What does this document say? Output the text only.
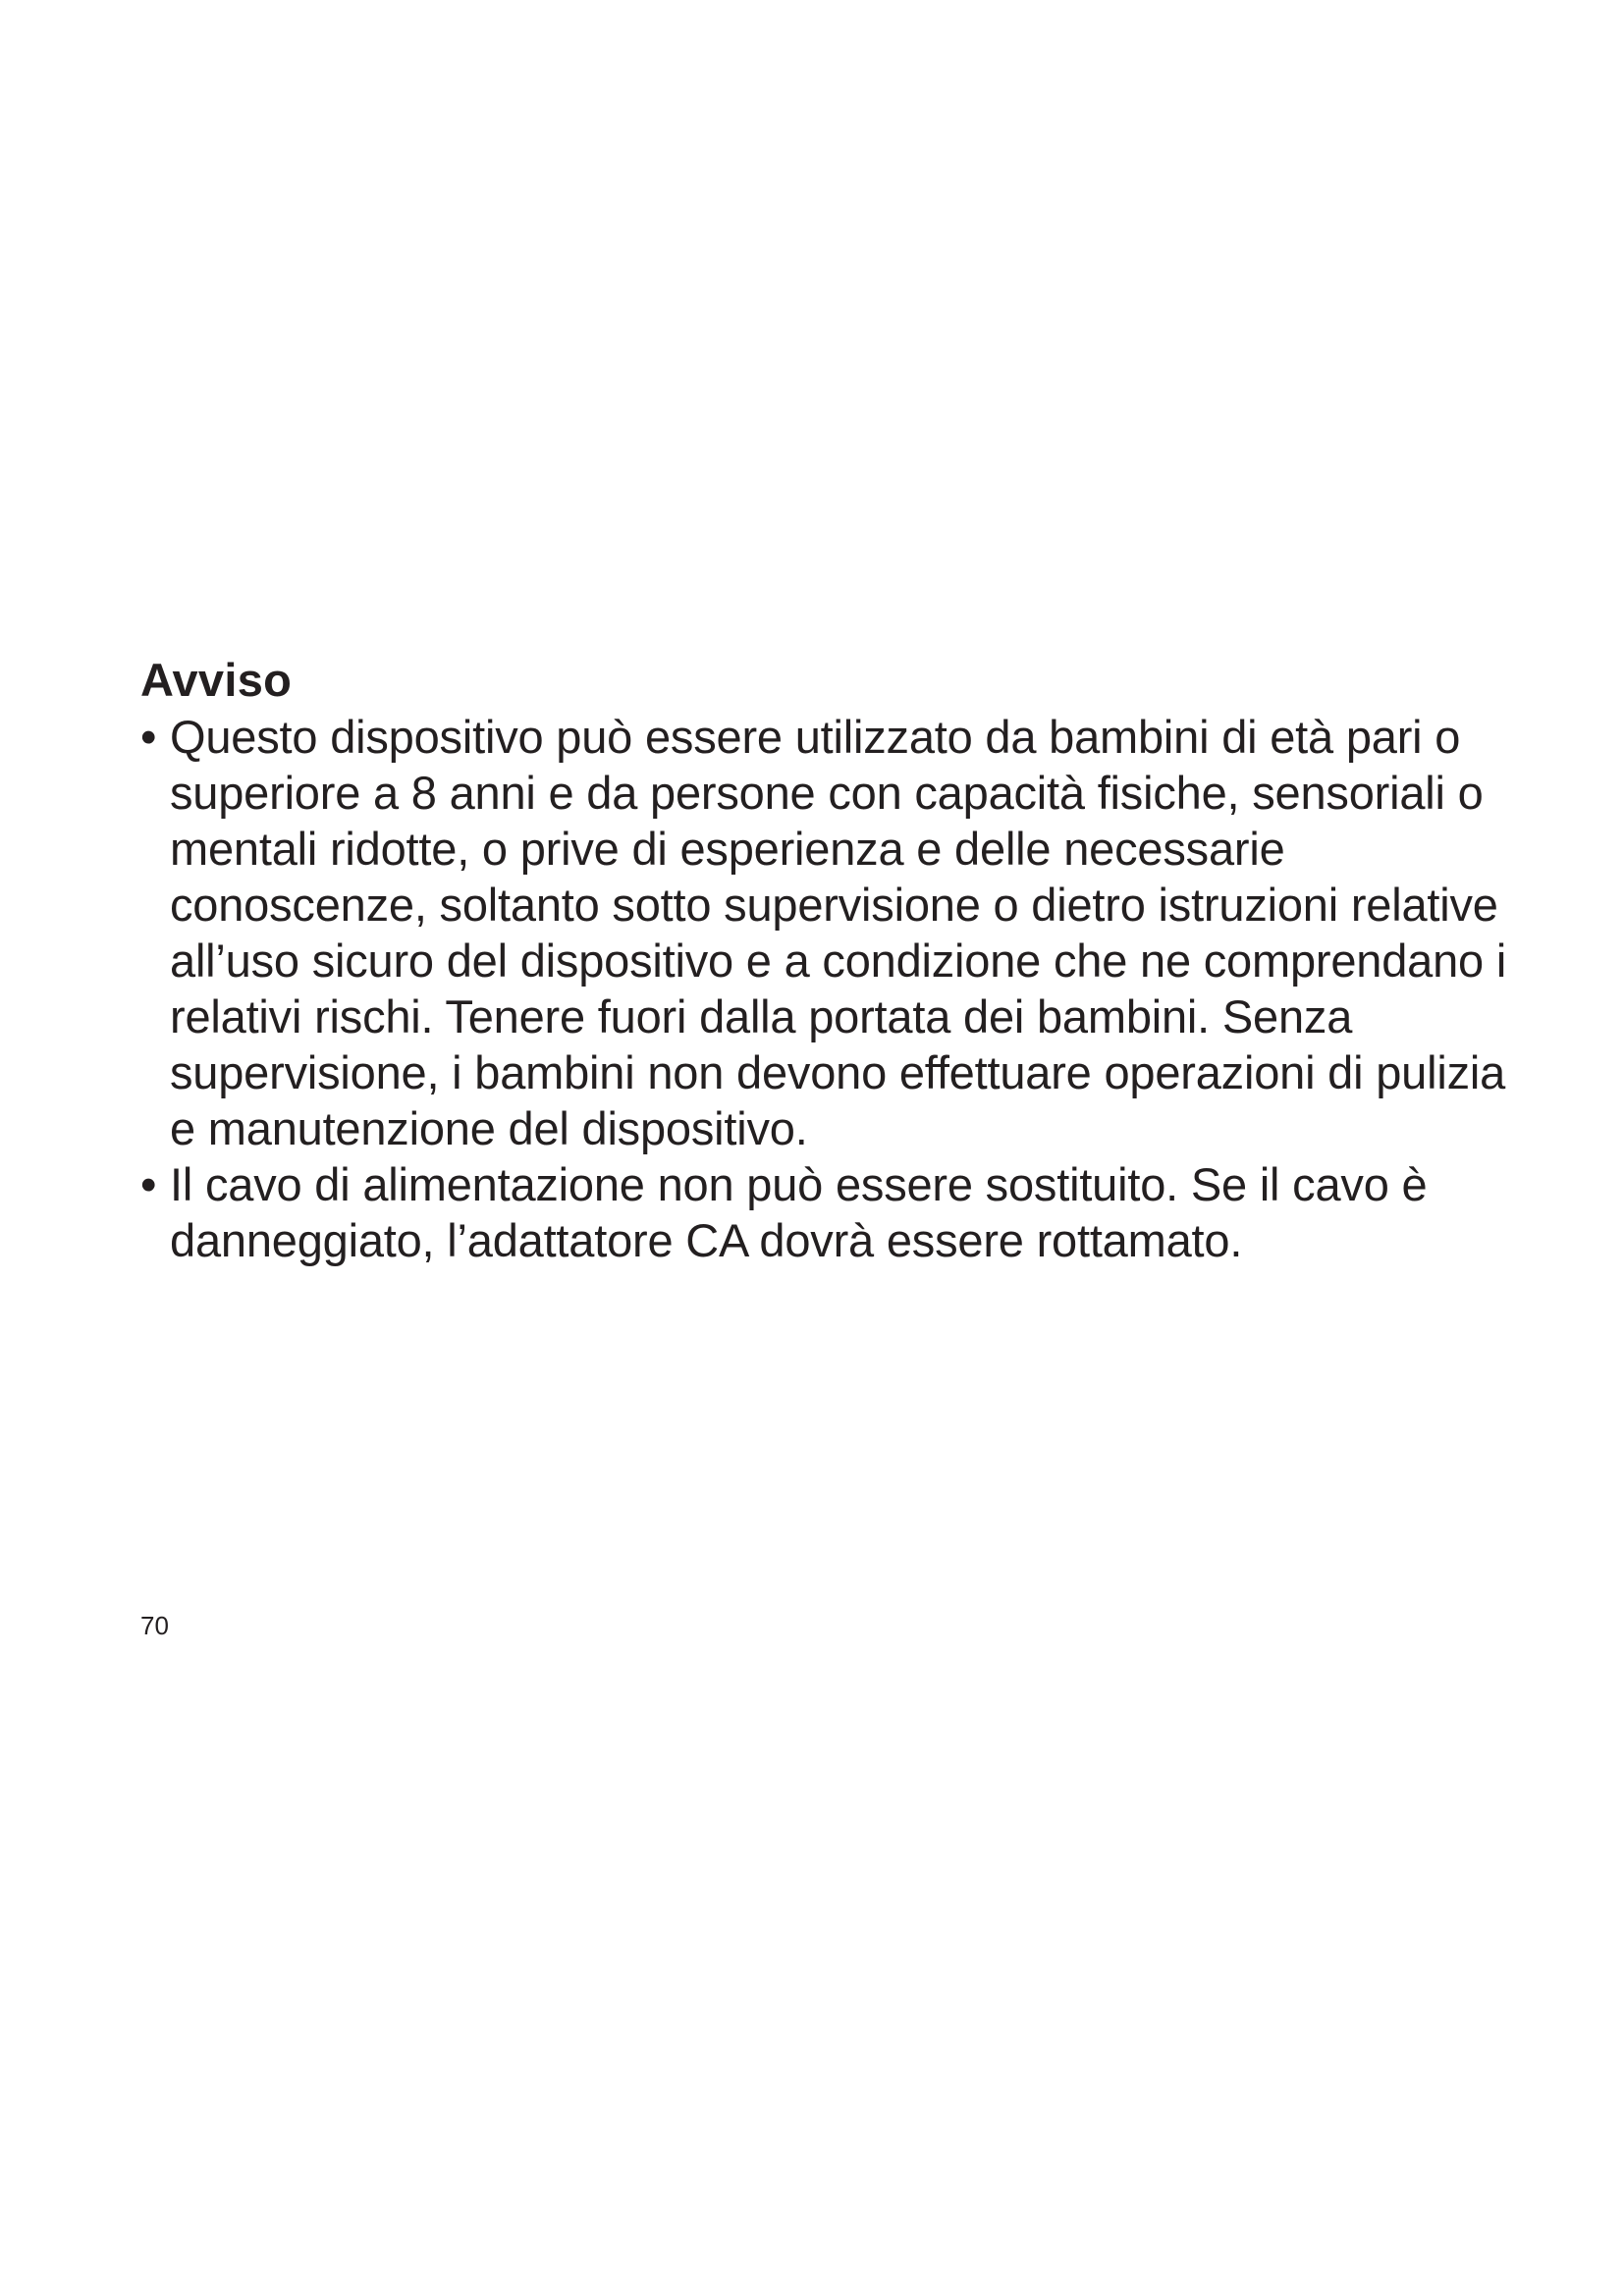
Avviso
• Questo dispositivo può essere utilizzato da bambini di età pari o superiore a 8 anni e da persone con capacità fisiche, sensoriali o mentali ridotte, o prive di esperienza e delle necessarie conoscenze, soltanto sotto supervisione o dietro istruzioni relative all’uso sicuro del dispositivo e a condizione che ne comprendano i relativi rischi. Tenere fuori dalla portata dei bambini. Senza supervisione, i bambini non devono effettuare operazioni di pulizia e manutenzione del dispositivo.
• Il cavo di alimentazione non può essere sostituito. Se il cavo è danneggiato, l’adattatore CA dovrà essere rottamato.
70
